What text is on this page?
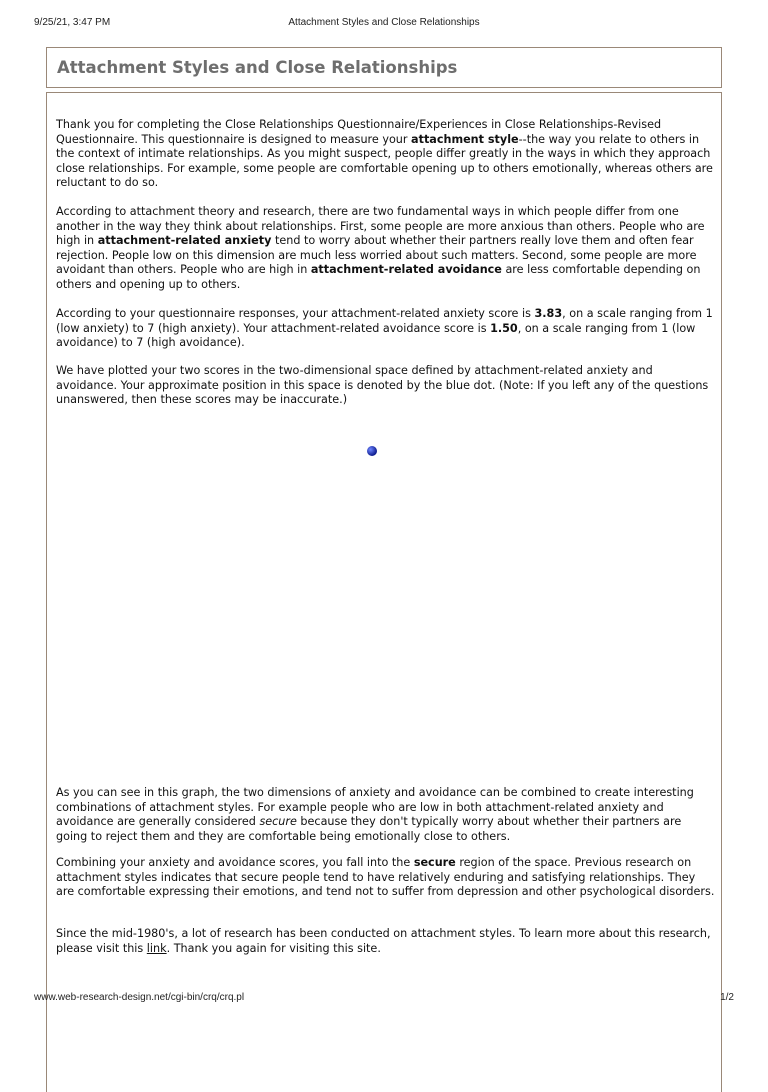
9/25/21, 3:47 PM	Attachment Styles and Close Relationships
Attachment Styles and Close Relationships

Thank you for completing the Close Relationships Questionnaire/Experiences in Close Relationships-Revised Questionnaire. This questionnaire is designed to measure your attachment style--the way you relate to others in the context of intimate relationships. As you might suspect, people differ greatly in the ways in which they approach close relationships. For example, some people are comfortable opening up to others emotionally, whereas others are reluctant to do so.

According to attachment theory and research, there are two fundamental ways in which people differ from one another in the way they think about relationships. First, some people are more anxious than others. People who are high in attachment-related anxiety tend to worry about whether their partners really love them and often fear rejection. People low on this dimension are much less worried about such matters. Second, some people are more avoidant than others. People who are high in attachment-related avoidance are less comfortable depending on others and opening up to others.

According to your questionnaire responses, your attachment-related anxiety score is 3.83, on a scale ranging from 1 (low anxiety) to 7 (high anxiety). Your attachment-related avoidance score is 1.50, on a scale ranging from 1 (low avoidance) to 7 (high avoidance).

We have plotted your two scores in the two-dimensional space defined by attachment-related anxiety and avoidance. Your approximate position in this space is denoted by the blue dot. (Note: If you left any of the questions unanswered, then these scores may be inaccurate.)

As you can see in this graph, the two dimensions of anxiety and avoidance can be combined to create interesting combinations of attachment styles. For example people who are low in both attachment-related anxiety and avoidance are generally considered secure because they don't typically worry about whether their partners are going to reject them and they are comfortable being emotionally close to others.

Combining your anxiety and avoidance scores, you fall into the secure region of the space. Previous research on attachment styles indicates that secure people tend to have relatively enduring and satisfying relationships. They are comfortable expressing their emotions, and tend not to suffer from depression and other psychological disorders.

Since the mid-1980's, a lot of research has been conducted on attachment styles. To learn more about this research, please visit this link. Thank you again for visiting this site.

www.web-research-design.net/cgi-bin/crq/crq.pl	1/2
